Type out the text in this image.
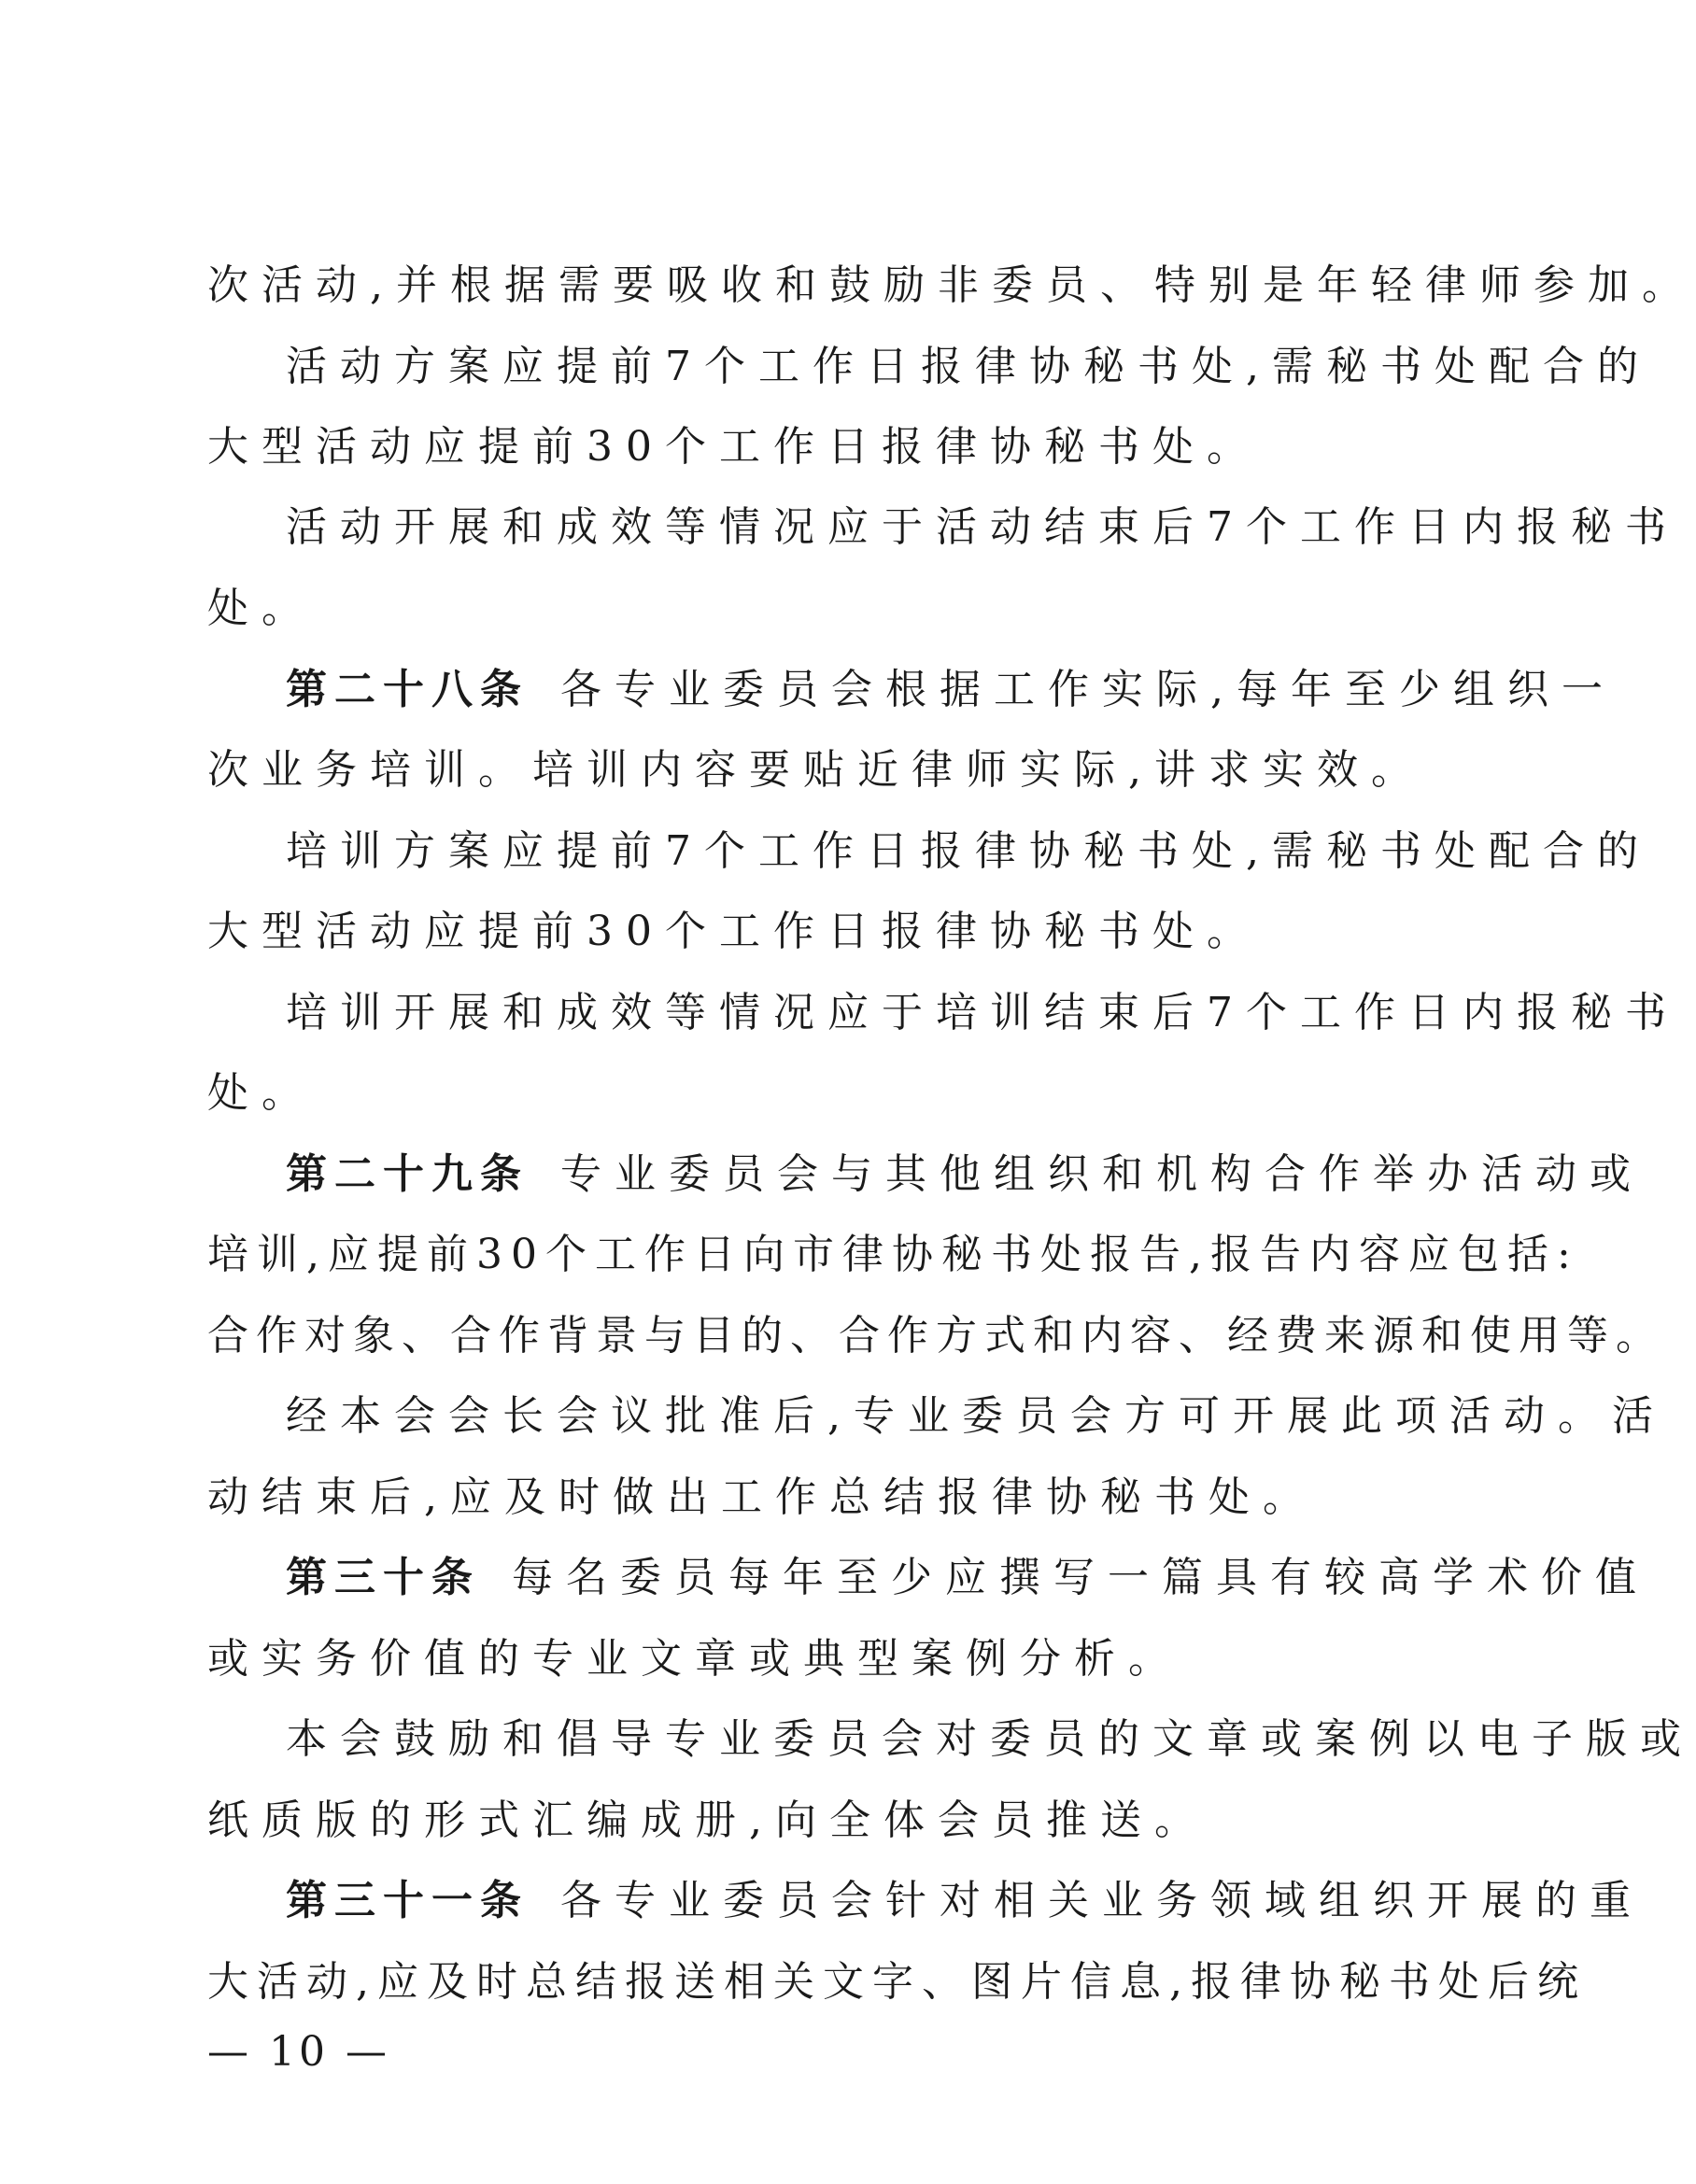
次活动,并根据需要吸收和鼓励非委员、特别是年轻律师参加。
活动方案应提前7个工作日报律协秘书处,需秘书处配合的
大型活动应提前30个工作日报律协秘书处。
活动开展和成效等情况应于活动结束后7个工作日内报秘书
处。
第二十八条 各专业委员会根据工作实际,每年至少组织一
次业务培训。培训内容要贴近律师实际,讲求实效。
培训方案应提前7个工作日报律协秘书处,需秘书处配合的
大型活动应提前30个工作日报律协秘书处。
培训开展和成效等情况应于培训结束后7个工作日内报秘书
处。
第二十九条 专业委员会与其他组织和机构合作举办活动或
培训,应提前30个工作日向市律协秘书处报告,报告内容应包括:
合作对象、合作背景与目的、合作方式和内容、经费来源和使用等。
经本会会长会议批准后,专业委员会方可开展此项活动。活
动结束后,应及时做出工作总结报律协秘书处。
第三十条 每名委员每年至少应撰写一篇具有较高学术价值
或实务价值的专业文章或典型案例分析。
本会鼓励和倡导专业委员会对委员的文章或案例以电子版或
纸质版的形式汇编成册,向全体会员推送。
第三十一条 各专业委员会针对相关业务领域组织开展的重
大活动,应及时总结报送相关文字、图片信息,报律协秘书处后统
— 10 —
